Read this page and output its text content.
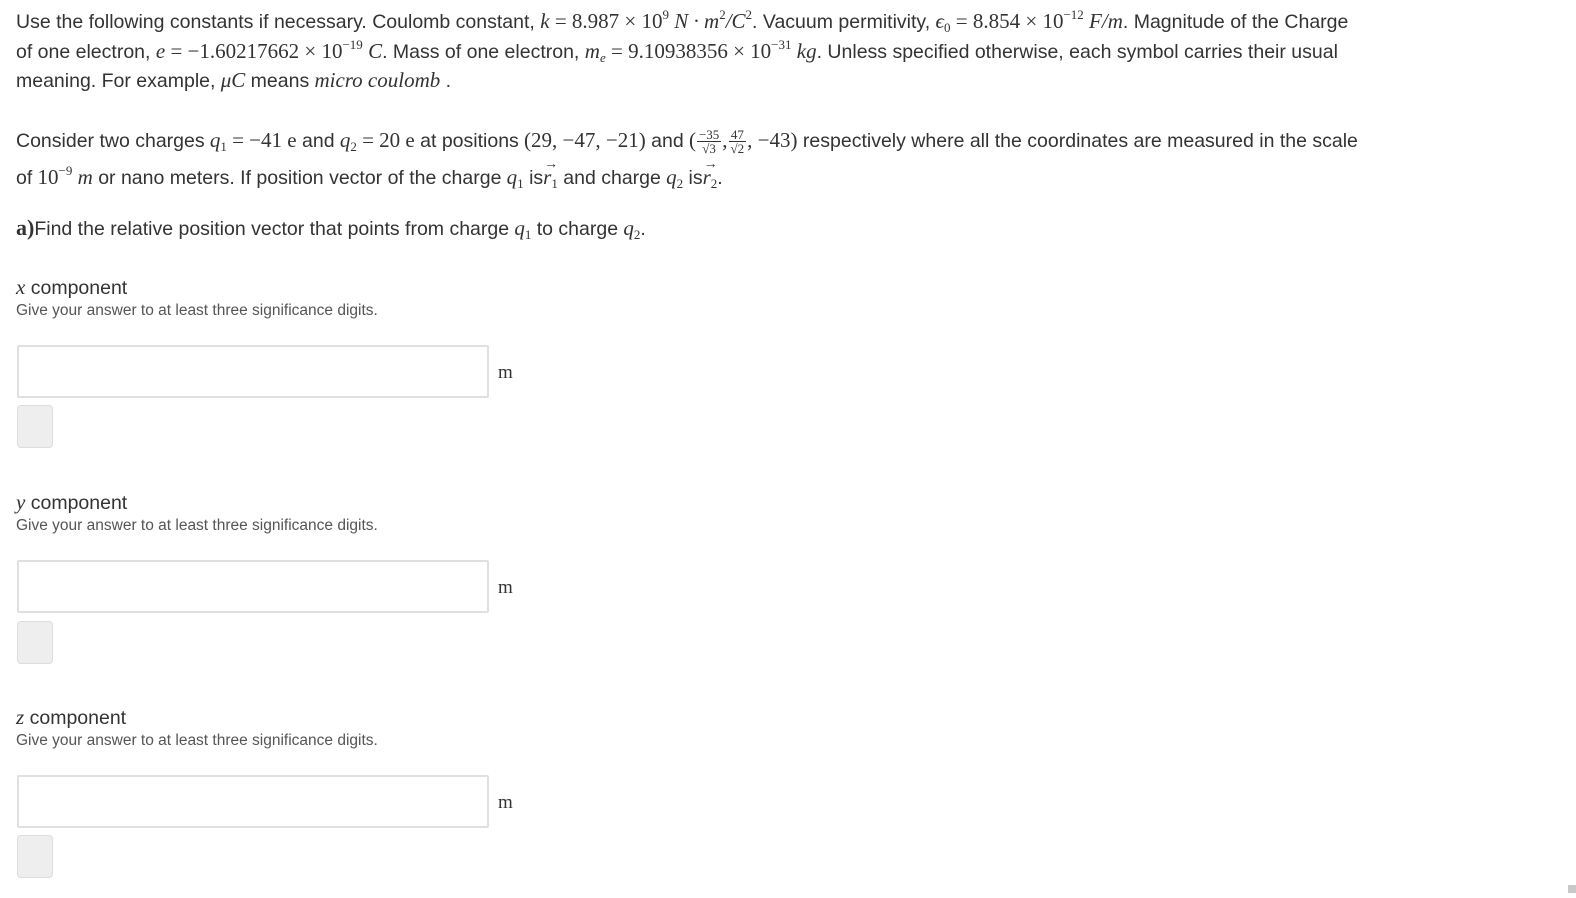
Use the following constants if necessary. Coulomb constant, $k = 8.987 \times 10^9$ $N \cdot m^2/C^2$. Vacuum permitivity, $\epsilon_0 = 8.854 \times 10^{-12}$ F/m. Magnitude of the Charge of one electron, $e = -1.60217662 \times 10^{-19}$ C. Mass of one electron, $m_e = 9.10938356 \times 10^{-31}$ kg. Unless specified otherwise, each symbol carries their usual meaning. For example, μC means micro coulomb .
Consider two charges $q_1 = -41$ e and $q_2 = 20$ e at positions (29, −47, −21) and ( $\frac{-35}{√3}$ , $\frac{47}{√2}$ , −43) respectively where all the coordinates are measured in the scale of $10^{-9}$ m or nano meters. If position vector of the charge $q_1$ $is\to r_1$ and charge $q_2$ $is\to r_2$.
a)Find the relative position vector that points from charge $q_1$ to charge $q_2$.
x component
Give your answer to at least three significance digits.
m
y component
Give your answer to at least three significance digits.
m
z component
Give your answer to at least three significance digits.
m
